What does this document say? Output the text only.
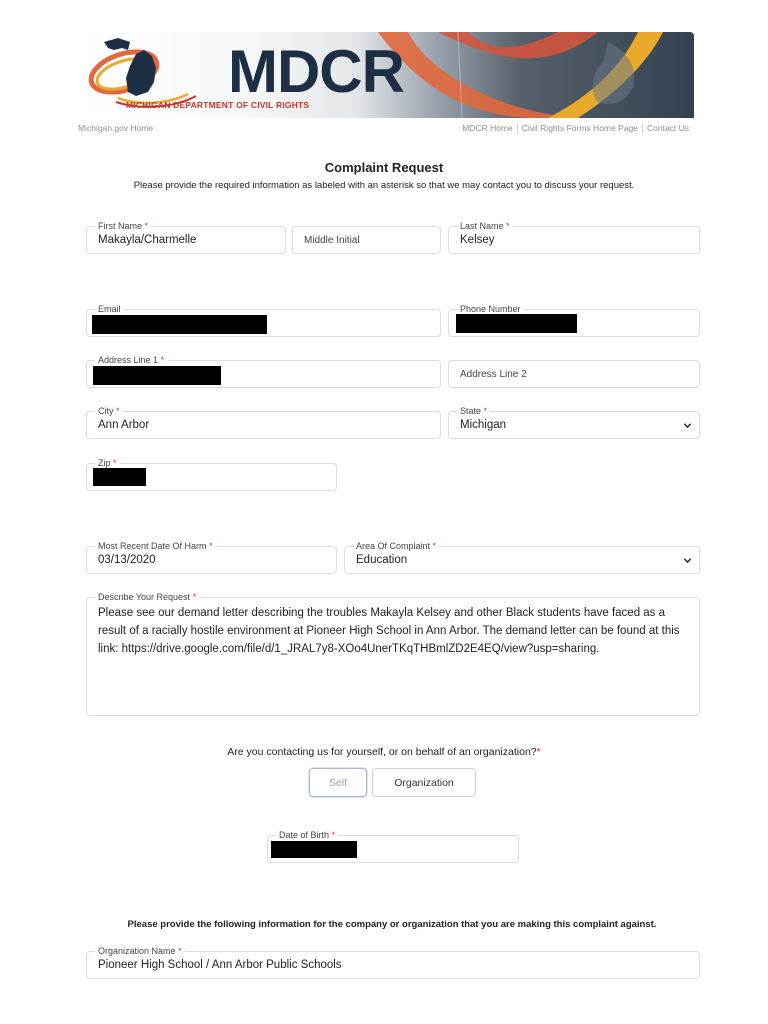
MDCR
MICHIGAN DEPARTMENT OF CIVIL RIGHTS
Michigan.gov Home	MDCR Home Civil Rights Forms Home Page Contact Us
Complaint Request
Please provide the required information as labeled with an asterisk so that we may contact you to discuss your request.
First Name *
Makayla/Charmelle	Middle Initial
Last Name *
Kelsey
Email	Phone Number
Address Line 1 *
Address Line 2
City *
Ann Arbor
State *
Michigan
Zip *
Most Recent Date Of Harm *
03/13/2020
Area Of Complaint *
Education
Describe Your Request *
Please see our demand letter describing the troubles Makayla Kelsey and other Black students have faced as a result of a racially hostile environment at Pioneer High School in Ann Arbor. The demand letter can be found at this link: https://drive.google.com/file/d/1_JRAL7y8-XOo4UnerTKqTHBmlZD2E4EQ/view?usp=sharing.
Are you contacting us for yourself, or on behalf of an organization?*
Self	Organization
Date of Birth *
Please provide the following information for the company or organization that you are making this complaint against.
Organization Name *
Pioneer High School / Ann Arbor Public Schools
